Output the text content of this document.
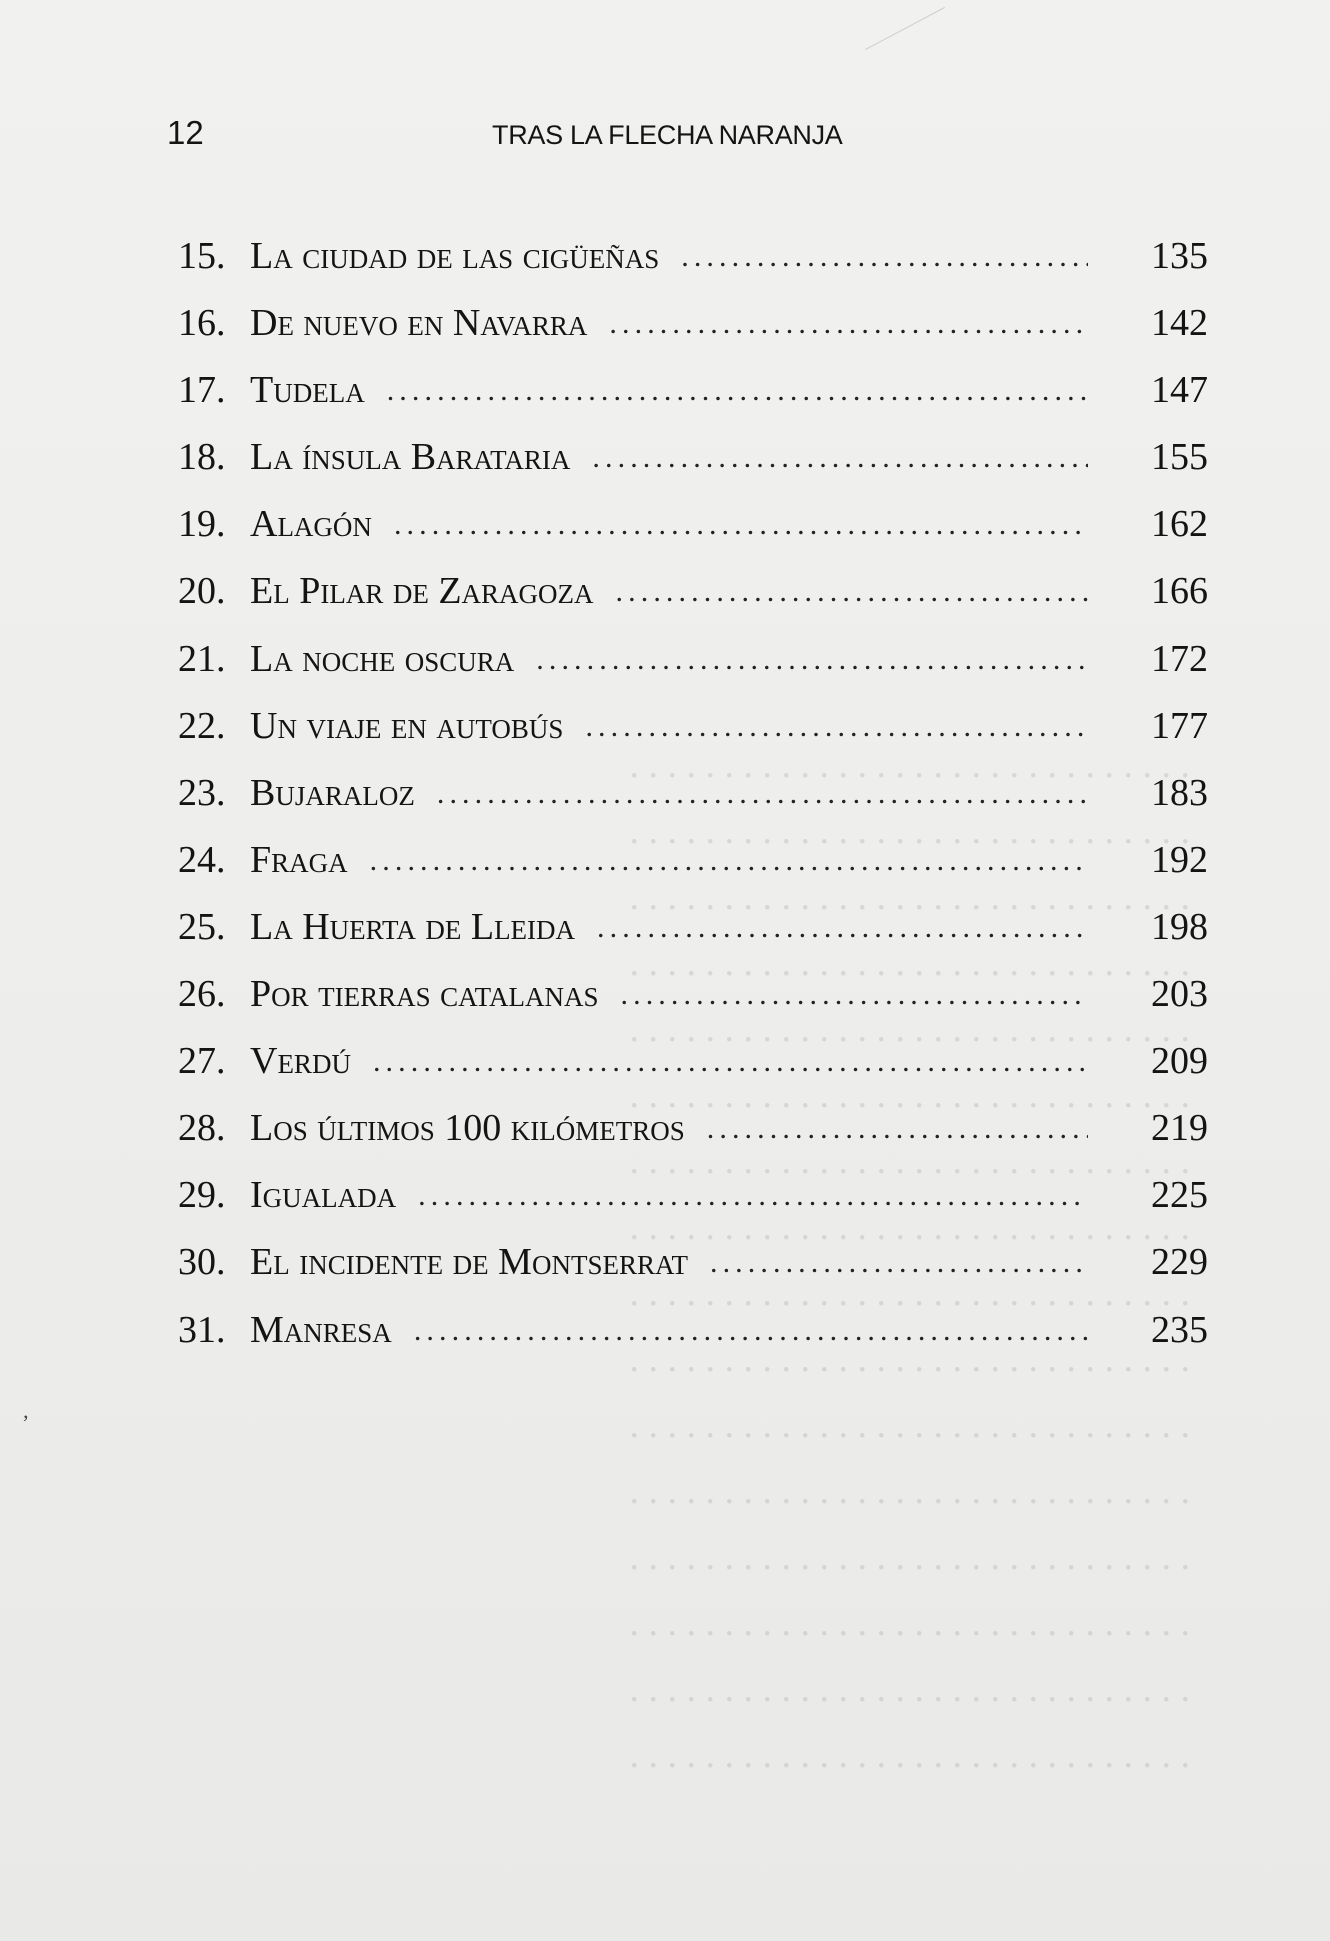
12	TRAS LA FLECHA NARANJA
15. La ciudad de las cigüeñas . . .	135
16. De nuevo en Navarra . . .	142
17. Tudela . . .	147
18. La ínsula Barataria . . .	155
19. Alagón . . .	162
20. El Pilar de Zaragoza . . .	166
21. La noche oscura . . .	172
22. Un viaje en autobús . . .	177
23. Bujaraloz . . .	183
24. Fraga . . .	192
25. La Huerta de Lleida . . .	198
26. Por tierras catalanas . . .	203
27. Verdú . . .	209
28. Los últimos 100 kilómetros . . .	219
29. Igualada . . .	225
30. El incidente de Montserrat . . .	229
31. Manresa . . .	235
. . . . . . . . . . . . . . . . . . . . . . . . . . . . . .
. . . . . . . . . . . . . . . . . . . . . . . . . . . . . .
. . . . . . . . . . . . . . . . . . . . . . . . . . . . . .
. . . . . . . . . . . . . . . . . . . . . . . . . . . . . .
. . . . . . . . . . . . . . . . . . . . . . . . . . . . . .
. . . . . . . . . . . . . . . . . . . . . . . . . . . . . .
. . . . . . . . . . . . . . . . . . . . . . . . . . . . . .
. . . . . . . . . . . . . . . . . . . . . . . . . . . . . .
. . . . . . . . . . . . . . . . . . . . . . . . . . . . . .
. . . . . . . . . . . . . . . . . . . . . . . . . . . . . .
. . . . . . . . . . . . . . . . . . . . . . . . . . . . . .
. . . . . . . . . . . . . . . . . . . . . . . . . . . . . .
. . . . . . . . . . . . . . . . . . . . . . . . . . . . . .
. . . . . . . . . . . . . . . . . . . . . . . . . . . . . .
. . . . . . . . . . . . . . . . . . . . . . . . . . . . . .
. . . . . . . . . . . . . . . . . . . . . . . . . . . . . .
‚
